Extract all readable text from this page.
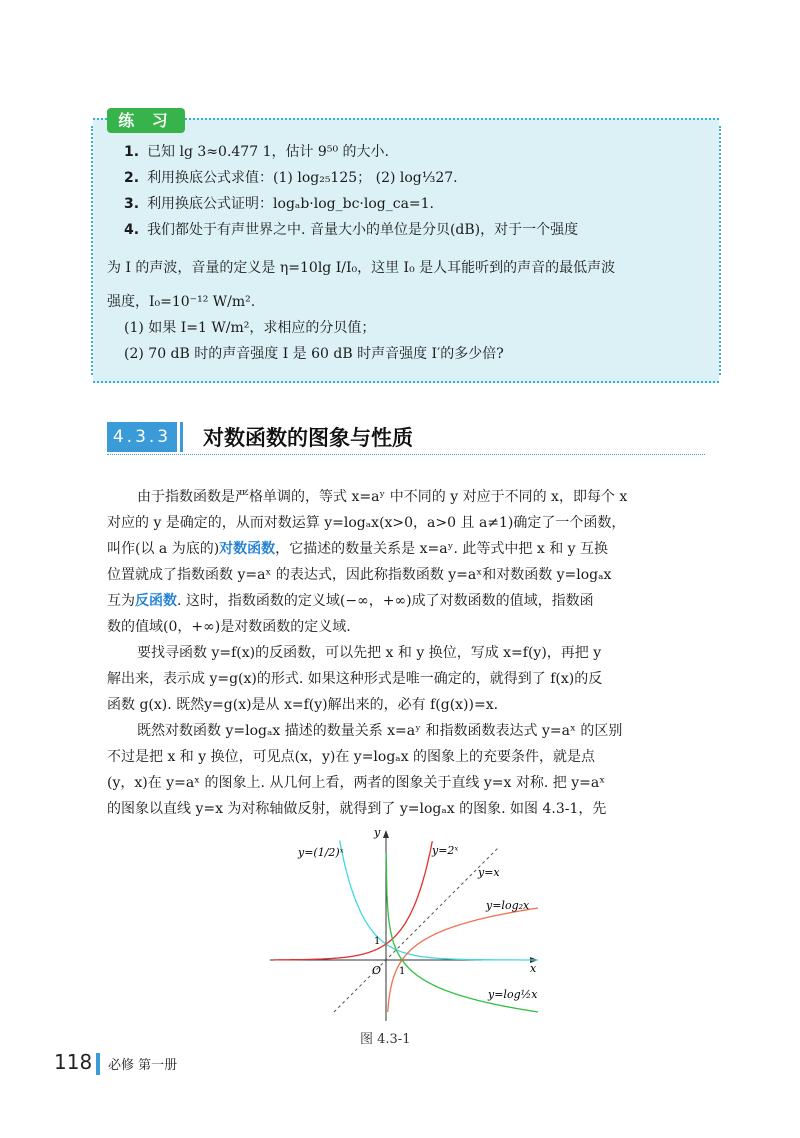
练 习
1. 已知 lg 3≈0.477 1，估计 9⁵⁰ 的大小.
2. 利用换底公式求值：(1) log₂₅125； (2) log⅓27.
3. 利用换底公式证明：logₐb·log_bc·log_ca=1.
4. 我们都处于有声世界之中. 音量大小的单位是分贝(dB)，对于一个强度
为 I 的声波，音量的定义是 η=10lg I/I₀，这里 I₀ 是人耳能听到的声音的最低声波
强度，I₀=10⁻¹² W/m².
(1) 如果 I=1 W/m²，求相应的分贝值；
(2) 70 dB 时的声音强度 I 是 60 dB 时声音强度 I′的多少倍?
4.3.3 对数函数的图象与性质
由于指数函数是严格单调的，等式 x=aʸ 中不同的 y 对应于不同的 x，即每个 x
对应的 y 是确定的，从而对数运算 y=logₐx(x>0，a>0 且 a≠1)确定了一个函数，
叫作(以 a 为底的)对数函数，它描述的数量关系是 x=aʸ. 此等式中把 x 和 y 互换
位置就成了指数函数 y=aˣ 的表达式，因此称指数函数 y=aˣ和对数函数 y=logₐx
互为反函数. 这时，指数函数的定义域(−∞，+∞)成了对数函数的值域，指数函
数的值域(0，+∞)是对数函数的定义域.
要找寻函数 y=f(x)的反函数，可以先把 x 和 y 换位，写成 x=f(y)，再把 y
解出来，表示成 y=g(x)的形式. 如果这种形式是唯一确定的，就得到了 f(x)的反
函数 g(x). 既然y=g(x)是从 x=f(y)解出来的，必有 f(g(x))=x.
既然对数函数 y=logₐx 描述的数量关系 x=aʸ 和指数函数表达式 y=aˣ 的区别
不过是把 x 和 y 换位，可见点(x，y)在 y=logₐx 的图象上的充要条件，就是点
(y，x)在 y=aˣ 的图象上. 从几何上看，两者的图象关于直线 y=x 对称. 把 y=aˣ
的图象以直线 y=x 为对称轴做反射，就得到了 y=logₐx 的图象. 如图 4.3-1，先
y=(1/2)ˣ	y=2ˣ
y=x
y=log₂x
y=log½x
x
y
O
1
1
图 4.3-1
118 必修 第一册
